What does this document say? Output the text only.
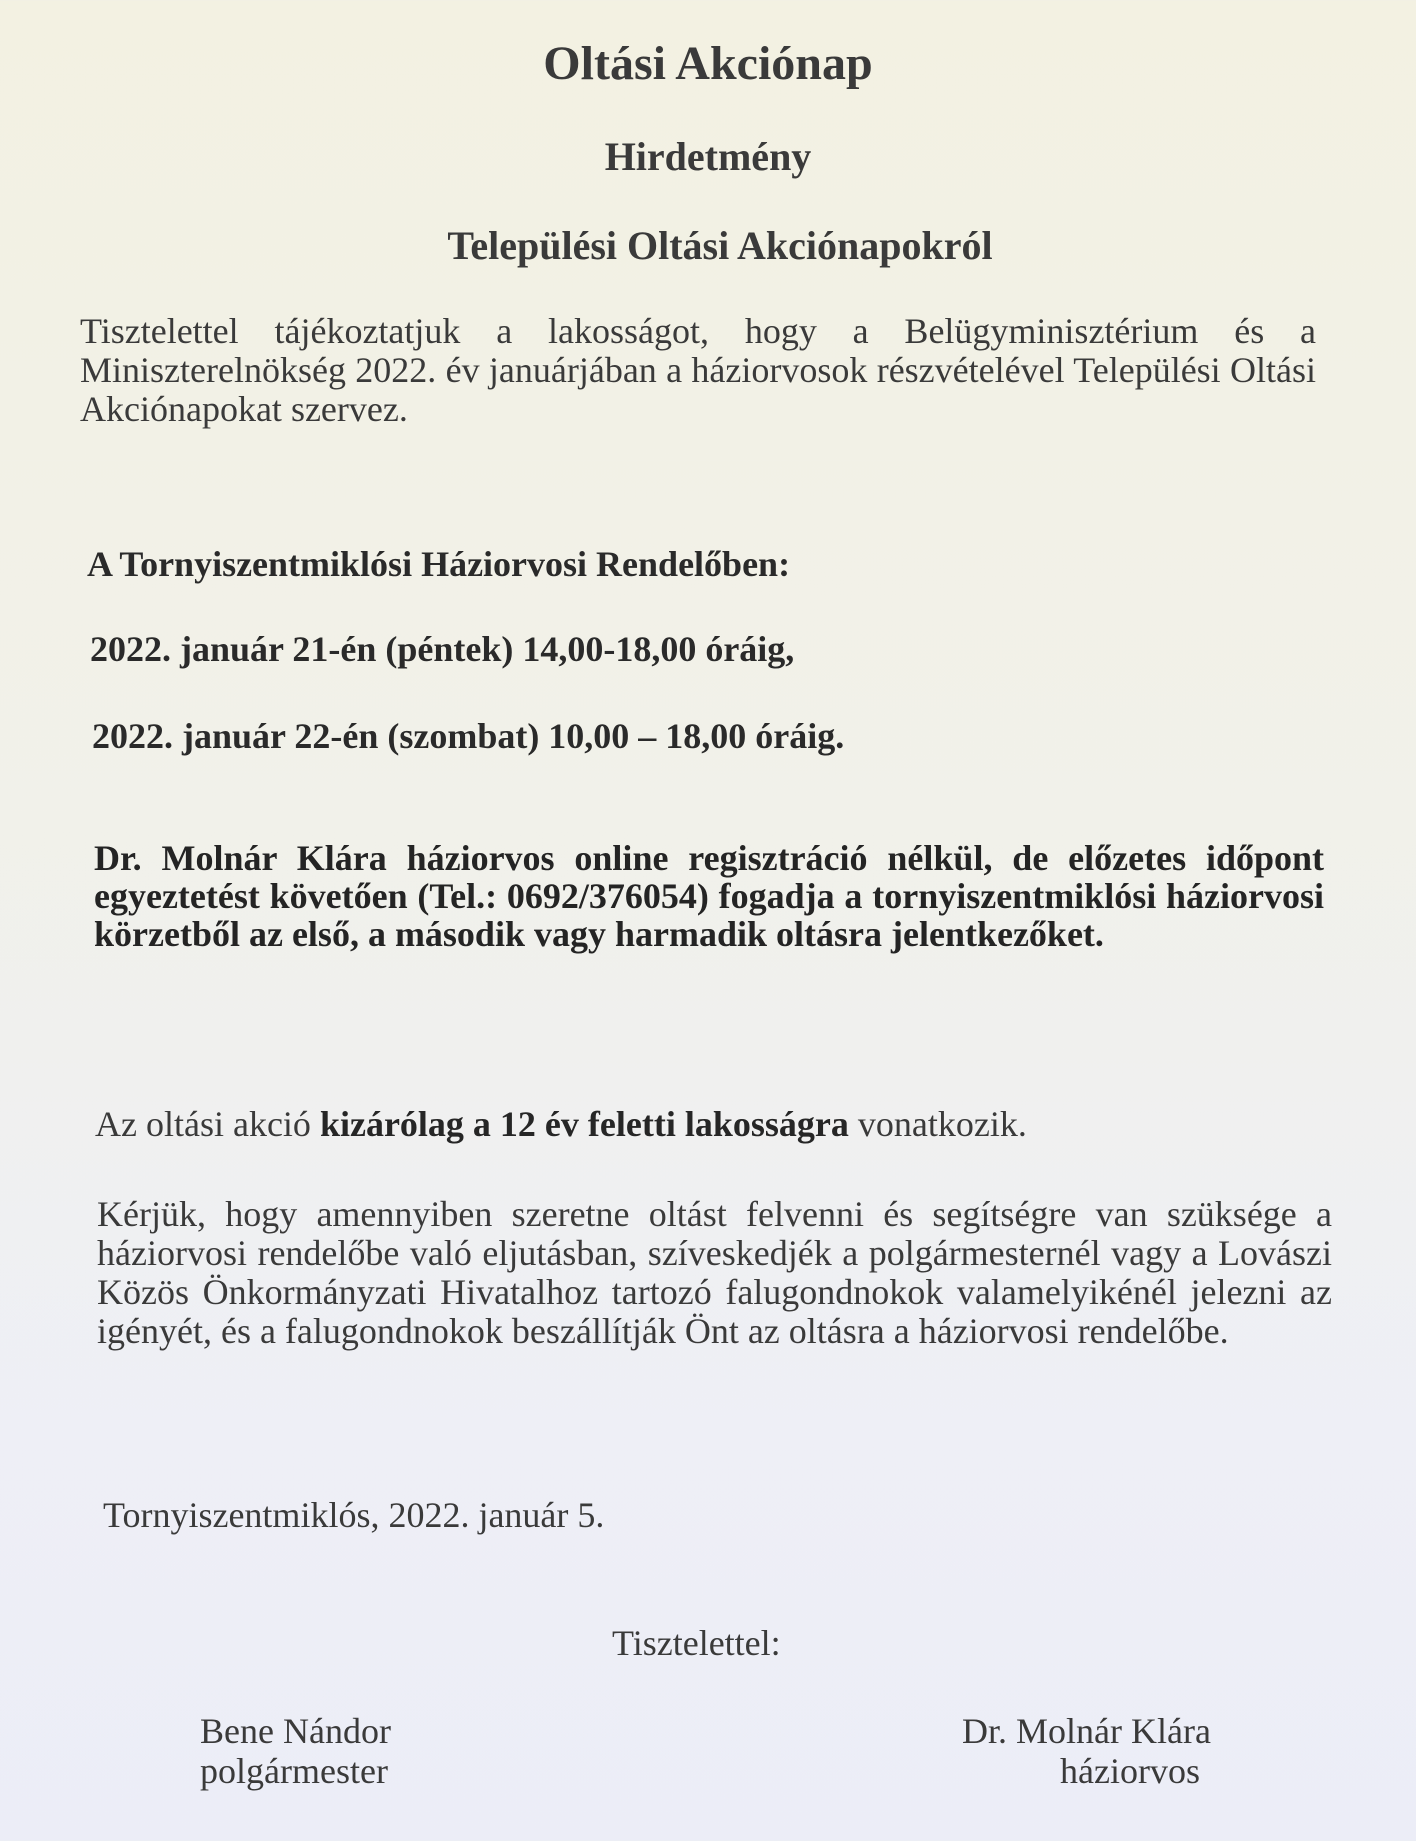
Oltási Akciónap
Hirdetmény
Települési Oltási Akciónapokról
Tisztelettel tájékoztatjuk a lakosságot, hogy a Belügyminisztérium és a Miniszterelnökség 2022. év januárjában a háziorvosok részvételével Települési Oltási Akciónapokat szervez.
A Tornyiszentmiklósi Háziorvosi Rendelőben:
2022. január 21-én (péntek) 14,00-18,00 óráig,
2022. január 22-én (szombat) 10,00 – 18,00 óráig.
Dr. Molnár Klára háziorvos online regisztráció nélkül, de előzetes időpont egyeztetést követően (Tel.: 0692/376054) fogadja a tornyiszentmiklósi háziorvosi körzetből az első, a második vagy harmadik oltásra jelentkezőket.
Az oltási akció kizárólag a 12 év feletti lakosságra vonatkozik.
Kérjük, hogy amennyiben szeretne oltást felvenni és segítségre van szüksége a háziorvosi rendelőbe való eljutásban, szíveskedjék a polgármesternél vagy a Lovászi Közös Önkormányzati Hivatalhoz tartozó falugondnokok valamelyikénél jelezni az igényét, és a falugondnokok beszállítják Önt az oltásra a háziorvosi rendelőbe.
Tornyiszentmiklós, 2022. január 5.
Tisztelettel:
Bene Nándor
polgármester
Dr. Molnár Klára
háziorvos
